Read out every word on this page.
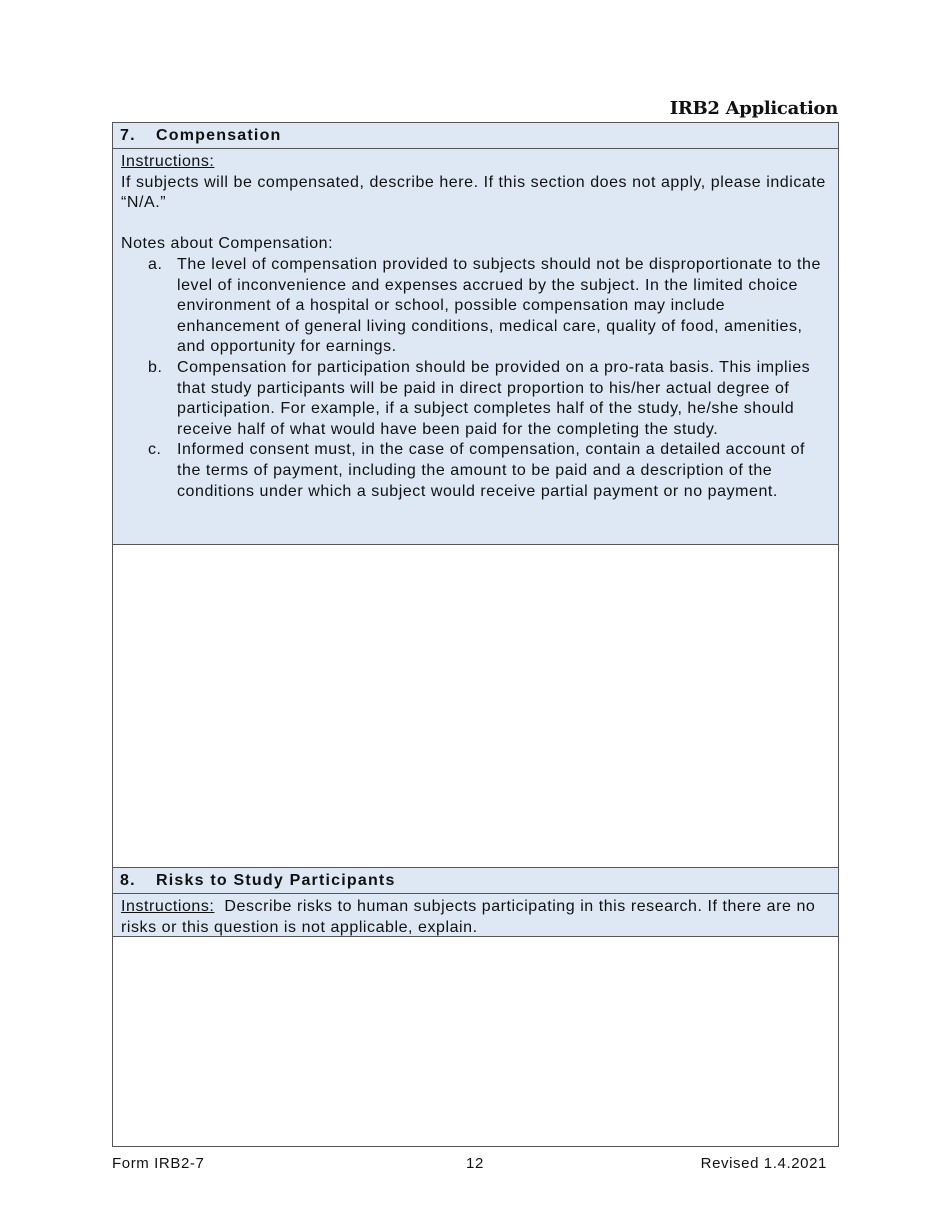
IRB2 Application
7. Compensation
Instructions:
If subjects will be compensated, describe here. If this section does not apply, please indicate “N/A.”
Notes about Compensation:
a. The level of compensation provided to subjects should not be disproportionate to the level of inconvenience and expenses accrued by the subject. In the limited choice environment of a hospital or school, possible compensation may include enhancement of general living conditions, medical care, quality of food, amenities, and opportunity for earnings.
b. Compensation for participation should be provided on a pro-rata basis. This implies that study participants will be paid in direct proportion to his/her actual degree of participation. For example, if a subject completes half of the study, he/she should receive half of what would have been paid for the completing the study.
c. Informed consent must, in the case of compensation, contain a detailed account of the terms of payment, including the amount to be paid and a description of the conditions under which a subject would receive partial payment or no payment.
8. Risks to Study Participants
Instructions: Describe risks to human subjects participating in this research. If there are no risks or this question is not applicable, explain.
Form IRB2-7	12	Revised 1.4.2021
